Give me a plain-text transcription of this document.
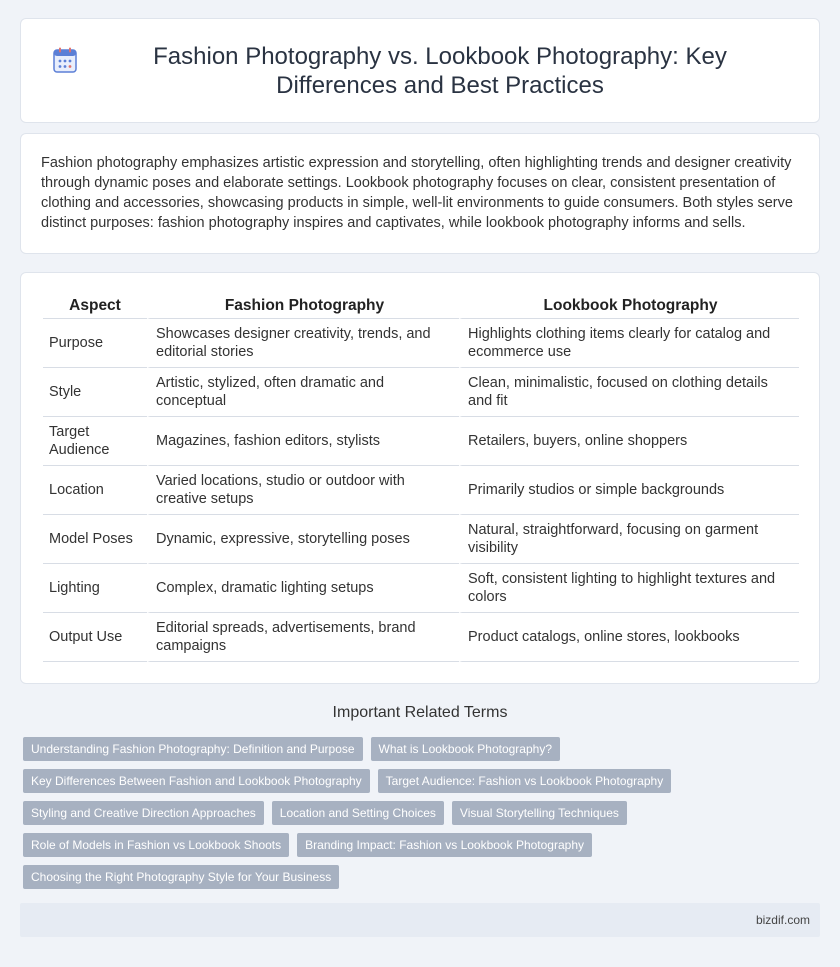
Fashion Photography vs. Lookbook Photography: Key Differences and Best Practices

Fashion photography emphasizes artistic expression and storytelling, often highlighting trends and designer creativity through dynamic poses and elaborate settings. Lookbook photography focuses on clear, consistent presentation of clothing and accessories, showcasing products in simple, well-lit environments to guide consumers. Both styles serve distinct purposes: fashion photography inspires and captivates, while lookbook photography informs and sells.

Aspect	Fashion Photography	Lookbook Photography
Purpose	Showcases designer creativity, trends, and editorial stories	Highlights clothing items clearly for catalog and ecommerce use
Style	Artistic, stylized, often dramatic and conceptual	Clean, minimalistic, focused on clothing details and fit
Target Audience	Magazines, fashion editors, stylists	Retailers, buyers, online shoppers
Location	Varied locations, studio or outdoor with creative setups	Primarily studios or simple backgrounds
Model Poses	Dynamic, expressive, storytelling poses	Natural, straightforward, focusing on garment visibility
Lighting	Complex, dramatic lighting setups	Soft, consistent lighting to highlight textures and colors
Output Use	Editorial spreads, advertisements, brand campaigns	Product catalogs, online stores, lookbooks
Important Related Terms
Understanding Fashion Photography: Definition and Purpose	What is Lookbook Photography?
Key Differences Between Fashion and Lookbook Photography	Target Audience: Fashion vs Lookbook Photography
Styling and Creative Direction Approaches	Location and Setting Choices	Visual Storytelling Techniques
Role of Models in Fashion vs Lookbook Shoots	Branding Impact: Fashion vs Lookbook Photography
Choosing the Right Photography Style for Your Business
bizdif.com
